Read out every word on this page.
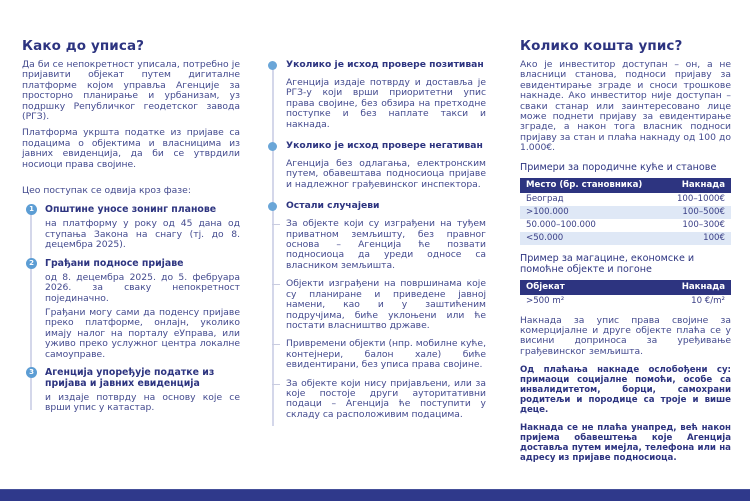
Како до уписа?

Да би се непокретност уписала, потребно је пријавити објекат путем дигиталне платформе којом управља Агенције за просторно планирање и урбанизам, уз подршку Републичког геодетског завода (РГЗ).

Платформа укршта податке из пријаве са подацима о објектима и власницима из јавних евиденција, да би се утврдили носиоци права својине.

Цео поступак се одвија кроз фазе:

1	Општине уносе зонинг планове

на платформу у року од 45 дана од ступања Закона на снагу (тј. до 8. децембра 2025).

2	Грађани подносе пријаве

од 8. децембра 2025. до 5. фебруара 2026. за сваку непокретност појединачно.

Грађани могу сами да поденсу пријаве преко платформе, онлајн, уколико имају налог на порталу еУправа, или уживо преко услужног центра локалне самоуправе.

3	Агенција упоређује податке из пријава и јавних евиденција

и издаје потврду на основу које се врши упис у катастар.

Уколико је исход провере позитиван

Агенција издаје потврду и доставља је РГЗ-у који врши приоритетни упис права својине, без обзира на претходне поступке и без наплате такси и накнада.

Уколико је исход провере негативан

Агенција без одлагања, електронским путем, обавештава подносиоца пријаве и надлежног грађевинског инспектора.

Остали случајеви

За објекте који су изграђени на туђем приватном земљишту, без правног основа – Агенција ће позвати подносиоца да уреди односе са власником земљишта.

Објекти изграђени на површинама које су планиране и приведене јавној намени, као и у заштићеним подручјима, биће уклоњени или ће постати власништво државе.

Привремени објекти (нпр. мобилне куће, контејнери, балон хале) биће евидентирани, без уписа права својине.

За објекте који нису пријављени, или за које постоје други ауторитативни подаци – Агенција ће поступити у складу са расположивим подацима.

Колико кошта упис?

Ако је инвеститор доступан – он, а не власници станова, подноси пријаву за евидентирање зграде и сноси трошкове накнаде. Ако инвеститор није доступан – сваки станар или заинтересовано лице може поднети пријаву за евидентирање зграде, а након тога власник подноси пријаву за стан и плаћа накнаду од 100 до 1.000€.

Примери за породичне куће и станове
Место (бр. становника)	Накнада
Београд	100–1000€
>100.000	100–500€
50.000–100.000	100–300€
<50.000	100€
Пример за магацине, економске и помоћне објекте и погоне
Објекат	Накнада
>500 m²	10 €/m²

Накнада за упис права својине за комерцијалне и друге објекте плаћа се у висини доприноса за уређивање грађевинског земљишта.

Од плаћања накнаде ослобођени су: примаоци социјалне помоћи, особе са инвалидитетом, борци, самохрани родитељи и породице са троје и више деце.

Накнада се не плаћа унапред, већ након пријема обавештења које Агенција доставља путем имејла, телефона или на адресу из пријаве подносиоца.
